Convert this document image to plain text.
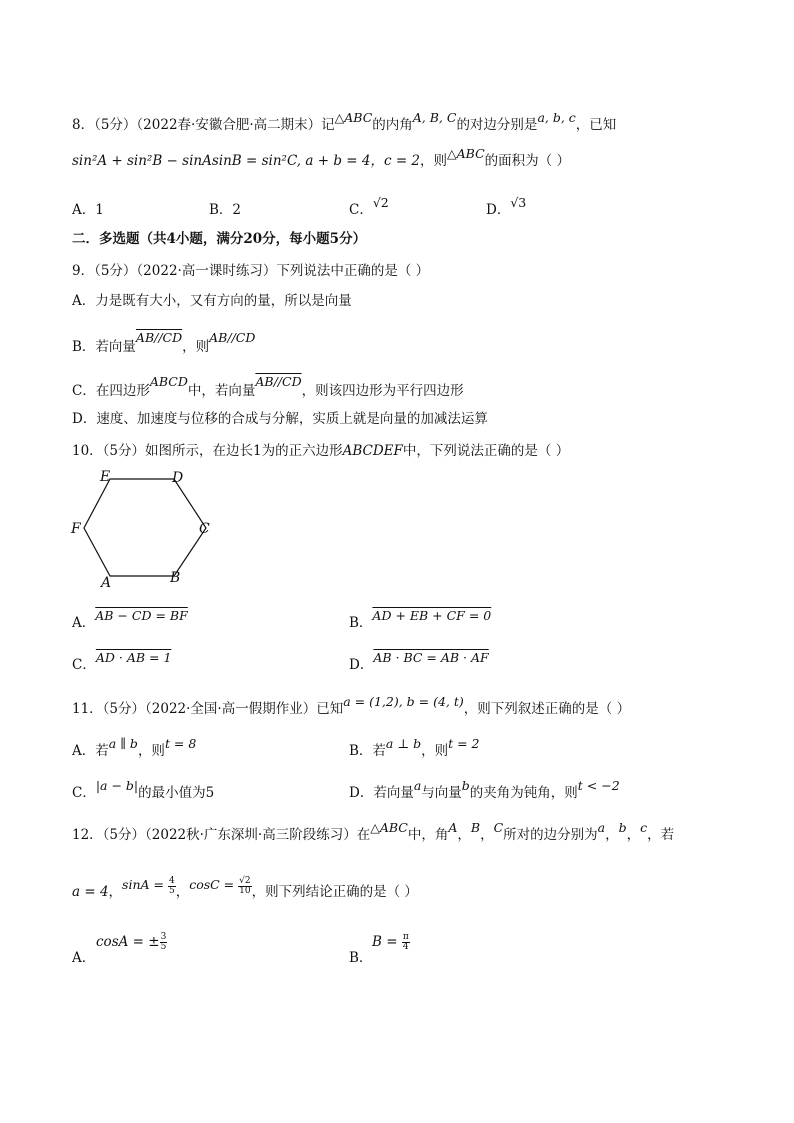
8．（5分）（2022春·安徽合肥·高二期末）记△ABC的内角A, B, C的对边分别是a, b, c，已知
sin²A + sin²B − sinAsinB = sin²C, a + b = 4，c = 2，则△ABC的面积为（ ）
A．1	B．2	C．√2	D．√3
二．多选题（共4小题，满分20分，每小题5分）
9．（5分）（2022·高一课时练习）下列说法中正确的是（ ）
A．力是既有大小，又有方向的量，所以是向量
B．若向量AB//CD，则AB//CD
C．在四边形ABCD中，若向量AB//CD，则该四边形为平行四边形
D．速度、加速度与位移的合成与分解，实质上就是向量的加减法运算
10．（5分）如图所示，在边长1为的正六边形ABCDEF中，下列说法正确的是（ ）
E	D
C
F
A	B
A．AB − CD = BF	B．AD + EB + CF = 0
C．AD · AB = 1	D．AB · BC = AB · AF
11．（5分）（2022·全国·高一假期作业）已知a = (1,2), b = (4, t)，则下列叙述正确的是（ ）
A．若a ∥ b，则t = 8	B．若a ⊥ b，则t = 2
C．|a − b|的最小值为5	D．若向量a与向量b的夹角为钝角，则t < −2
12．（5分）（2022秋·广东深圳·高三阶段练习）在△ABC中，角A，B，C所对的边分别为a，b，c，若
a = 4，$\sin A = \frac{4}{5}$ ，$\cos C = \frac{√2}{10}$ ，则下列结论正确的是（ ）
cosA = ± $\frac{3}{5}$
A．
$B = \frac{\pi}{4}$
B．
